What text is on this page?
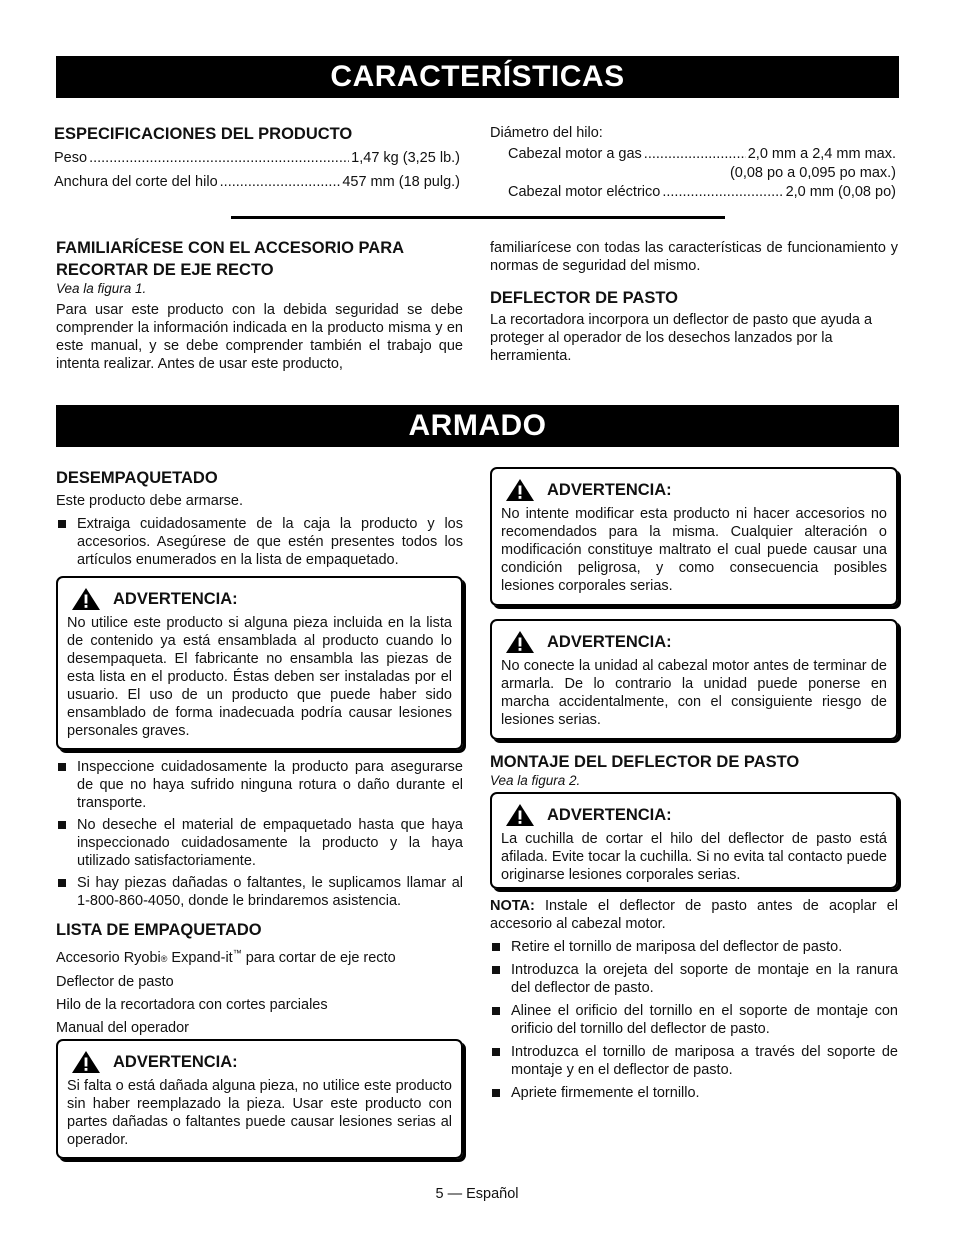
CARACTERÍSTICAS
ESPECIFICACIONES DEL PRODUCTO
Peso .....	1,47 kg (3,25 lb.)
Anchura del corte del hilo .....	457 mm (18 pulg.)

Diámetro del hilo:

Cabezal motor a gas .....	2,0 mm a 2,4 mm max.

(0,08 po a 0,095 po max.)

Cabezal motor eléctrico .....	2,0 mm (0,08 po)
FAMILIARÍCESE CON EL ACCESORIO PARA RECORTAR DE EJE RECTO

Vea la figura 1.

Para usar este producto con la debida seguridad se debe comprender la información indicada en la producto misma y en este manual, y se debe comprender también el trabajo que intenta realizar. Antes de usar este producto,

familiarícese con todas las características de funcionamiento y normas de seguridad del mismo.

DEFLECTOR DE PASTO

La recortadora incorpora un deflector de pasto que ayuda a proteger al operador de los desechos lanzados por la herramienta.

ARMADO
DESEMPAQUETADO

Este producto debe armarse.

Extraiga cuidadosamente de la caja la producto y los accesorios. Asegúrese de que estén presentes todos los artículos enumerados en la lista de empaquetado.
ADVERTENCIA:

No utilice este producto si alguna pieza incluida en la lista de contenido ya está ensamblada al producto cuando lo desempaqueta. El fabricante no ensambla las piezas de esta lista en el producto. Éstas deben ser instaladas por el usuario. El uso de un producto que puede haber sido ensamblado de forma inadecuada podría causar lesiones personales graves.

Inspeccione cuidadosamente la producto para asegurarse de que no haya sufrido ninguna rotura o daño durante el transporte.
No deseche el material de empaquetado hasta que haya inspeccionado cuidadosamente la producto y la haya utilizado satisfactoriamente.
Si hay piezas dañadas o faltantes, le suplicamos llamar al 1-800-860-4050, donde le brindaremos asistencia.
LISTA DE EMPAQUETADO

Accesorio Ryobi® Expand-it™ para cortar de eje recto

Deflector de pasto

Hilo de la recortadora con cortes parciales

Manual del operador

ADVERTENCIA:

Si falta o está dañada alguna pieza, no utilice este producto sin haber reemplazado la pieza. Usar este producto con partes dañadas o faltantes puede causar lesiones serias al operador.

ADVERTENCIA:

No intente modificar esta producto ni hacer accesorios no recomendados para la misma. Cualquier alteración o modificación constituye maltrato el cual puede causar una condición peligrosa, y como consecuencia posibles lesiones corporales serias.

ADVERTENCIA:

No conecte la unidad al cabezal motor antes de terminar de armarla. De lo contrario la unidad puede ponerse en marcha accidentalmente, con el consiguiente riesgo de lesiones serias.

MONTAJE DEL DEFLECTOR DE PASTO

Vea la figura 2.

ADVERTENCIA:

La cuchilla de cortar el hilo del deflector de pasto está afilada. Evite tocar la cuchilla. Si no evita tal contacto puede originarse lesiones corporales serias.

NOTA: Instale el deflector de pasto antes de acoplar el accesorio al cabezal motor.

Retire el tornillo de mariposa del deflector de pasto.
Introduzca la orejeta del soporte de montaje en la ranura del deflector de pasto.
Alinee el orificio del tornillo en el soporte de montaje con orificio del tornillo del deflector de pasto.
Introduzca el tornillo de mariposa a través del soporte de montaje y en el deflector de pasto.
Apriete firmemente el tornillo.
5 — Español
